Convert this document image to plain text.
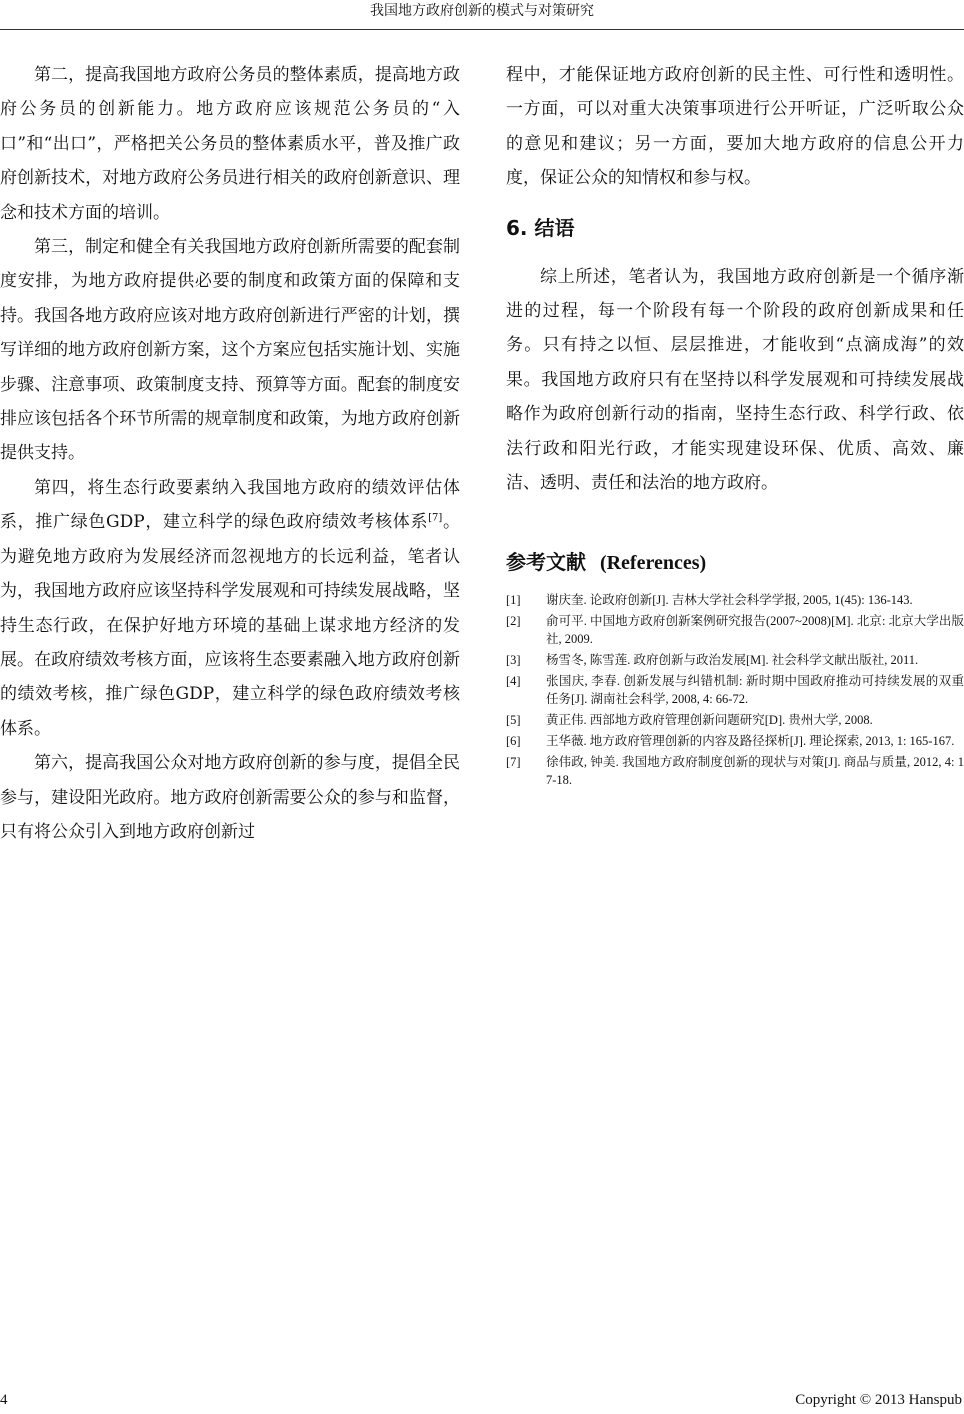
我国地方政府创新的模式与对策研究

第二，提高我国地方政府公务员的整体素质，提高地方政府公务员的创新能力。地方政府应该规范公务员的“入口”和“出口”，严格把关公务员的整体素质水平，普及推广政府创新技术，对地方政府公务员进行相关的政府创新意识、理念和技术方面的培训。

第三，制定和健全有关我国地方政府创新所需要的配套制度安排，为地方政府提供必要的制度和政策方面的保障和支持。我国各地方政府应该对地方政府创新进行严密的计划，撰写详细的地方政府创新方案，这个方案应包括实施计划、实施步骤、注意事项、政策制度支持、预算等方面。配套的制度安排应该包括各个环节所需的规章制度和政策，为地方政府创新提供支持。

第四，将生态行政要素纳入我国地方政府的绩效评估体系，推广绿色GDP，建立科学的绿色政府绩效考核体系[7]。为避免地方政府为发展经济而忽视地方的长远利益，笔者认为，我国地方政府应该坚持科学发展观和可持续发展战略，坚持生态行政，在保护好地方环境的基础上谋求地方经济的发展。在政府绩效考核方面，应该将生态要素融入地方政府创新的绩效考核，推广绿色GDP，建立科学的绿色政府绩效考核体系。

第六，提高我国公众对地方政府创新的参与度，提倡全民参与，建设阳光政府。地方政府创新需要公众的参与和监督，只有将公众引入到地方政府创新过

程中，才能保证地方政府创新的民主性、可行性和透明性。一方面，可以对重大决策事项进行公开听证，广泛听取公众的意见和建议；另一方面，要加大地方政府的信息公开力度，保证公众的知情权和参与权。

6. 结语

综上所述，笔者认为，我国地方政府创新是一个循序渐进的过程，每一个阶段有每一个阶段的政府创新成果和任务。只有持之以恒、层层推进，才能收到“点滴成海”的效果。我国地方政府只有在坚持以科学发展观和可持续发展战略作为政府创新行动的指南，坚持生态行政、科学行政、依法行政和阳光行政，才能实现建设环保、优质、高效、廉洁、透明、责任和法治的地方政府。

参考文献 (References)
[1]	谢庆奎. 论政府创新[J]. 吉林大学社会科学学报, 2005, 1(45): 136-143.
[2]	俞可平. 中国地方政府创新案例研究报告(2007~2008)[M]. 北京: 北京大学出版社, 2009.
[3]	杨雪冬, 陈雪莲. 政府创新与政治发展[M]. 社会科学文献出版社, 2011.
[4]	张国庆, 李春. 创新发展与纠错机制: 新时期中国政府推动可持续发展的双重任务[J]. 湖南社会科学, 2008, 4: 66-72.
[5]	黄正伟. 西部地方政府管理创新问题研究[D]. 贵州大学, 2008.
[6]	王华薇. 地方政府管理创新的内容及路径探析[J]. 理论探索, 2013, 1: 165-167.
[7]	徐伟政, 钟美. 我国地方政府制度创新的现状与对策[J]. 商品与质量, 2012, 4: 17-18.
4	Copyright © 2013 Hanspub
